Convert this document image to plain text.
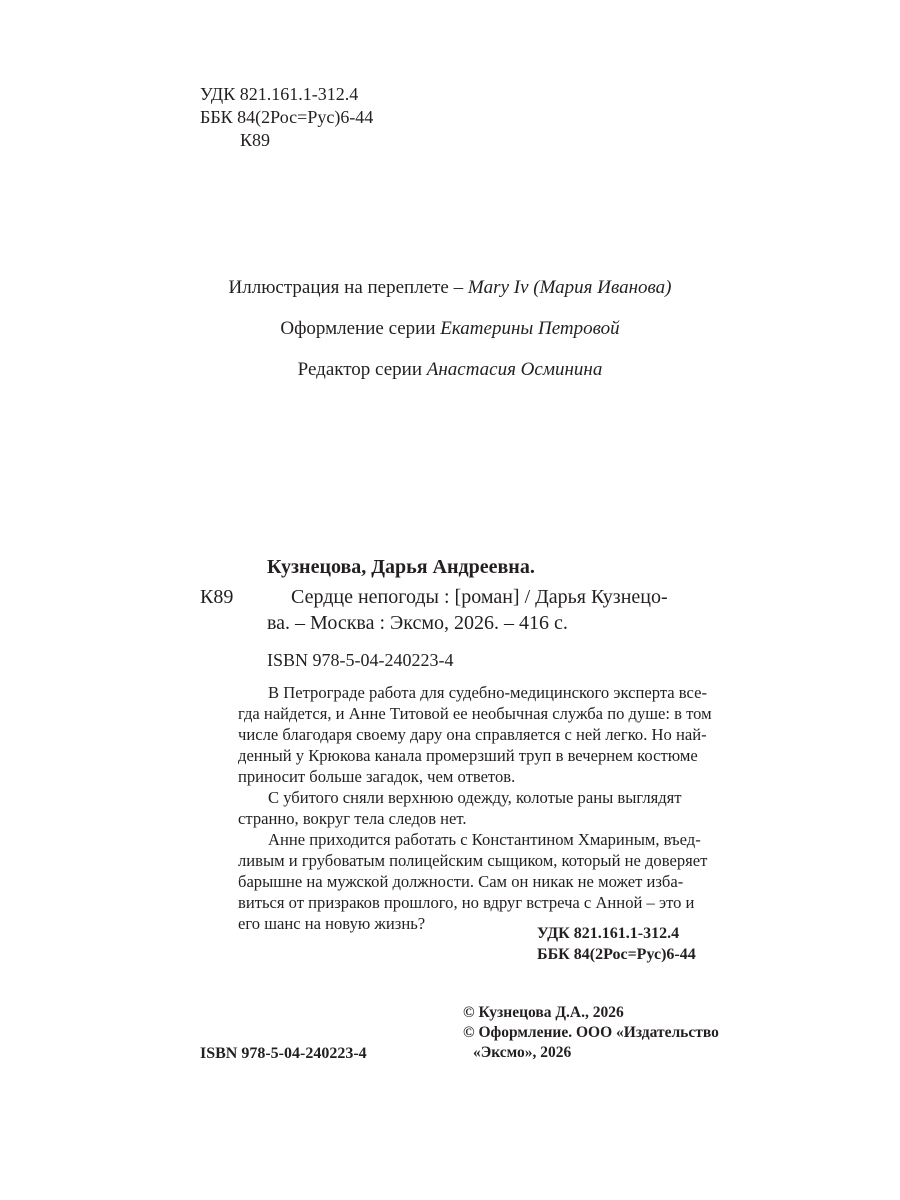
УДК 821.161.1-312.4
ББК 84(2Рос=Рус)6-44
К89
Иллюстрация на переплете – Mary Iv (Мария Иванова)
Оформление серии Екатерины Петровой
Редактор серии Анастасия Осминина
Кузнецова, Дарья Андреевна.
К89	Сердце непогоды : [роман] / Дарья Кузнецо-
ва. – Москва : Эксмо, 2026. – 416 с.
ISBN 978-5-04-240223-4

В Петрограде работа для судебно-медицинского эксперта все-

гда найдется, и Анне Титовой ее необычная служба по душе: в том

числе благодаря своему дару она справляется с ней легко. Но най-

денный у Крюкова канала промерзший труп в вечернем костюме

приносит больше загадок, чем ответов.

С убитого сняли верхнюю одежду, колотые раны выглядят

странно, вокруг тела следов нет.

Анне приходится работать с Константином Хмариным, въед-

ливым и грубоватым полицейским сыщиком, который не доверяет

барышне на мужской должности. Сам он никак не может изба-

виться от призраков прошлого, но вдруг встреча с Анной – это и

его шанс на новую жизнь?

УДК 821.161.1-312.4
ББК 84(2Рос=Рус)6-44
ISBN 978-5-04-240223-4
© Кузнецова Д.А., 2026
© Оформление. ООО «Издательство
«Эксмо», 2026
